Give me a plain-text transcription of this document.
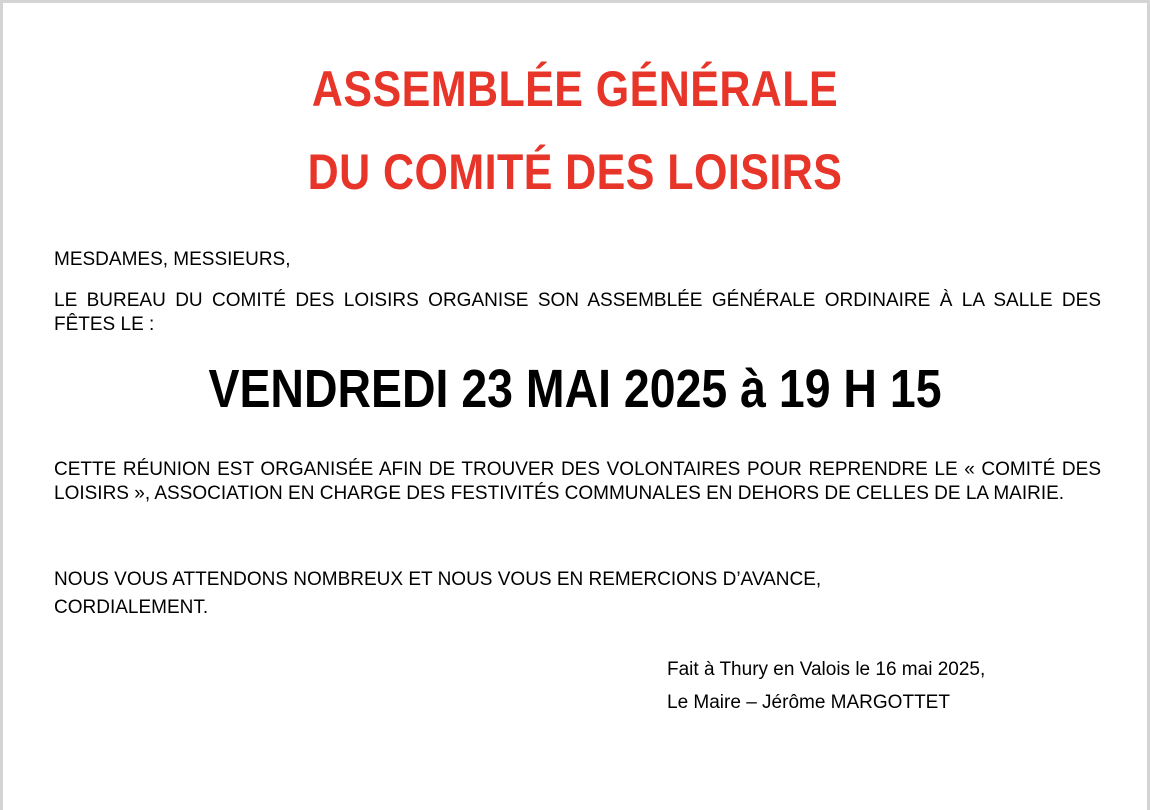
ASSEMBLÉE GÉNÉRALE
DU COMITÉ DES LOISIRS
MESDAMES, MESSIEURS,
LE BUREAU DU COMITÉ DES LOISIRS ORGANISE SON ASSEMBLÉE GÉNÉRALE ORDINAIRE À LA SALLE DES FÊTES LE :
VENDREDI 23 MAI 2025 à 19 H 15
CETTE RÉUNION EST ORGANISÉE AFIN DE TROUVER DES VOLONTAIRES POUR REPRENDRE LE « COMITÉ DES LOISIRS », ASSOCIATION EN CHARGE DES FESTIVITÉS COMMUNALES EN DEHORS DE CELLES DE LA MAIRIE.
NOUS VOUS ATTENDONS NOMBREUX ET NOUS VOUS EN REMERCIONS D’AVANCE,
CORDIALEMENT.
Fait à Thury en Valois le 16 mai 2025,
Le Maire – Jérôme MARGOTTET
